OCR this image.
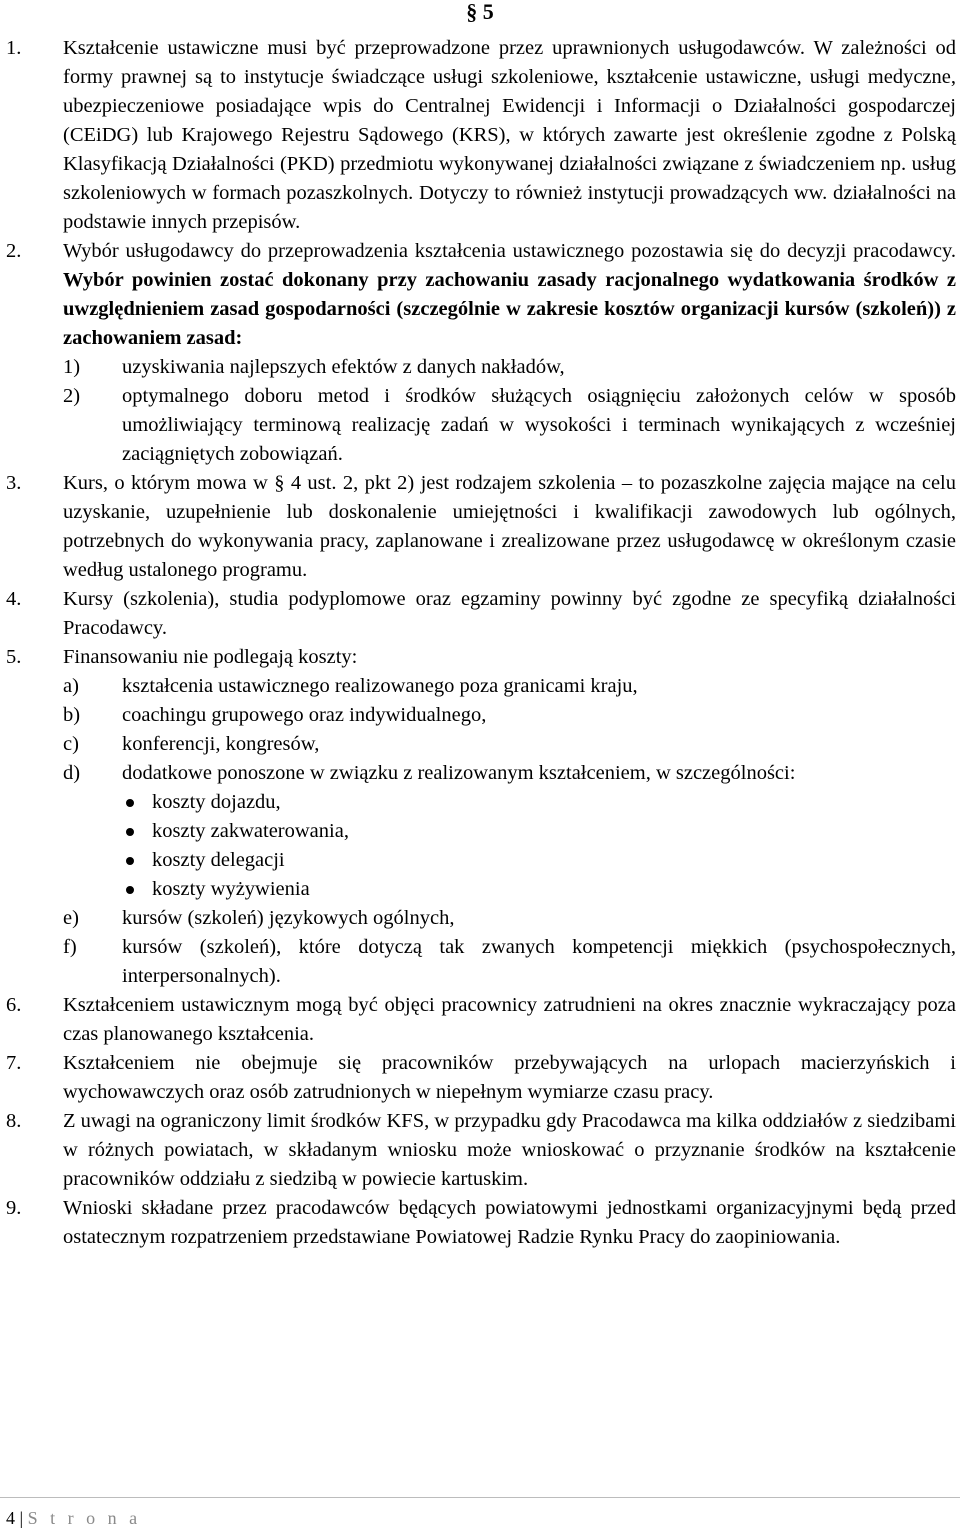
§ 5
1. Kształcenie ustawiczne musi być przeprowadzone przez uprawnionych usługodawców. W zależności od formy prawnej są to instytucje świadczące usługi szkoleniowe, kształcenie ustawiczne, usługi medyczne, ubezpieczeniowe posiadające wpis do Centralnej Ewidencji i Informacji o Działalności gospodarczej (CEiDG) lub Krajowego Rejestru Sądowego (KRS), w których zawarte jest określenie zgodne z Polską Klasyfikacją Działalności (PKD) przedmiotu wykonywanej działalności związane z świadczeniem np. usług szkoleniowych w formach pozaszkolnych. Dotyczy to również instytucji prowadzących ww. działalności na podstawie innych przepisów.

2. Wybór usługodawcy do przeprowadzenia kształcenia ustawicznego pozostawia się do decyzji pracodawcy. Wybór powinien zostać dokonany przy zachowaniu zasady racjonalnego wydatkowania środków z uwzględnieniem zasad gospodarności (szczególnie w zakresie kosztów organizacji kursów (szkoleń)) z zachowaniem zasad:

1) uzyskiwania najlepszych efektów z danych nakładów,
2) optymalnego doboru metod i środków służących osiągnięciu założonych celów w sposób umożliwiający terminową realizację zadań w wysokości i terminach wynikających z wcześniej zaciągniętych zobowiązań.
3. Kurs, o którym mowa w § 4 ust. 2, pkt 2) jest rodzajem szkolenia – to pozaszkolne zajęcia mające na celu uzyskanie, uzupełnienie lub doskonalenie umiejętności i kwalifikacji zawodowych lub ogólnych, potrzebnych do wykonywania pracy, zaplanowane i zrealizowane przez usługodawcę w określonym czasie według ustalonego programu.

4. Kursy (szkolenia), studia podyplomowe oraz egzaminy powinny być zgodne ze specyfiką działalności Pracodawcy.

5. Finansowaniu nie podlegają koszty:

a) kształcenia ustawicznego realizowanego poza granicami kraju,
b) coachingu grupowego oraz indywidualnego,
c) konferencji, kongresów,
d) dodatkowe ponoszone w związku z realizowanym kształceniem, w szczególności:
koszty dojazdu,
koszty zakwaterowania,
koszty delegacji
koszty wyżywienia
e) kursów (szkoleń) językowych ogólnych,
f) kursów (szkoleń), które dotyczą tak zwanych kompetencji miękkich (psychospołecznych, interpersonalnych).
6. Kształceniem ustawicznym mogą być objęci pracownicy zatrudnieni na okres znacznie wykraczający poza czas planowanego kształcenia.

7. Kształceniem nie obejmuje się pracowników przebywających na urlopach macierzyńskich i wychowawczych oraz osób zatrudnionych w niepełnym wymiarze czasu pracy.

8. Z uwagi na ograniczony limit środków KFS, w przypadku gdy Pracodawca ma kilka oddziałów z siedzibami w różnych powiatach, w składanym wniosku może wnioskować o przyznanie środków na kształcenie pracowników oddziału z siedzibą w powiecie kartuskim.

9. Wnioski składane przez pracodawców będących powiatowymi jednostkami organizacyjnymi będą przed ostatecznym rozpatrzeniem przedstawiane Powiatowej Radzie Rynku Pracy do zaopiniowania.

4 | S t r o n a
